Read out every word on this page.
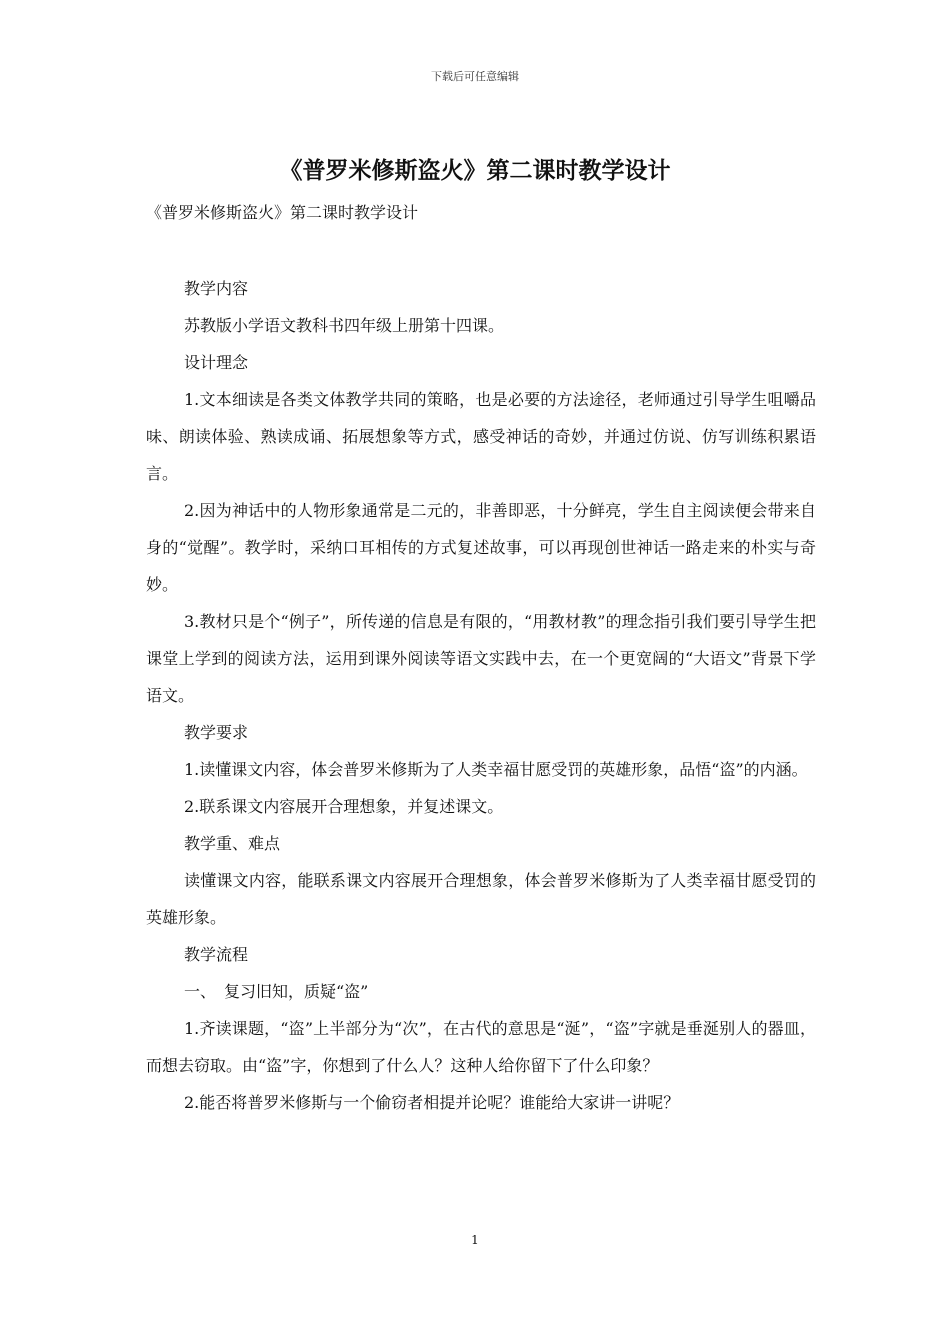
下载后可任意编辑
《普罗米修斯盗火》第二课时教学设计
《普罗米修斯盗火》第二课时教学设计

教学内容

苏教版小学语文教科书四年级上册第十四课。

设计理念

1.文本细读是各类文体教学共同的策略，也是必要的方法途径，老师通过引导学生咀嚼品味、朗读体验、熟读成诵、拓展想象等方式，感受神话的奇妙，并通过仿说、仿写训练积累语言。

2.因为神话中的人物形象通常是二元的，非善即恶，十分鲜亮，学生自主阅读便会带来自身的“觉醒”。教学时，采纳口耳相传的方式复述故事，可以再现创世神话一路走来的朴实与奇妙。

3.教材只是个“例子”，所传递的信息是有限的，“用教材教”的理念指引我们要引导学生把课堂上学到的阅读方法，运用到课外阅读等语文实践中去，在一个更宽阔的“大语文”背景下学语文。

教学要求

1.读懂课文内容，体会普罗米修斯为了人类幸福甘愿受罚的英雄形象，品悟“盗”的内涵。

2.联系课文内容展开合理想象，并复述课文。

教学重、难点

读懂课文内容，能联系课文内容展开合理想象，体会普罗米修斯为了人类幸福甘愿受罚的英雄形象。

教学流程

一、　复习旧知，质疑“盗”

1.齐读课题，“盗”上半部分为“次”，在古代的意思是“涎”，“盗”字就是垂涎别人的器皿，而想去窃取。由“盗”字，你想到了什么人？这种人给你留下了什么印象？

2.能否将普罗米修斯与一个偷窃者相提并论呢？谁能给大家讲一讲呢？

1
